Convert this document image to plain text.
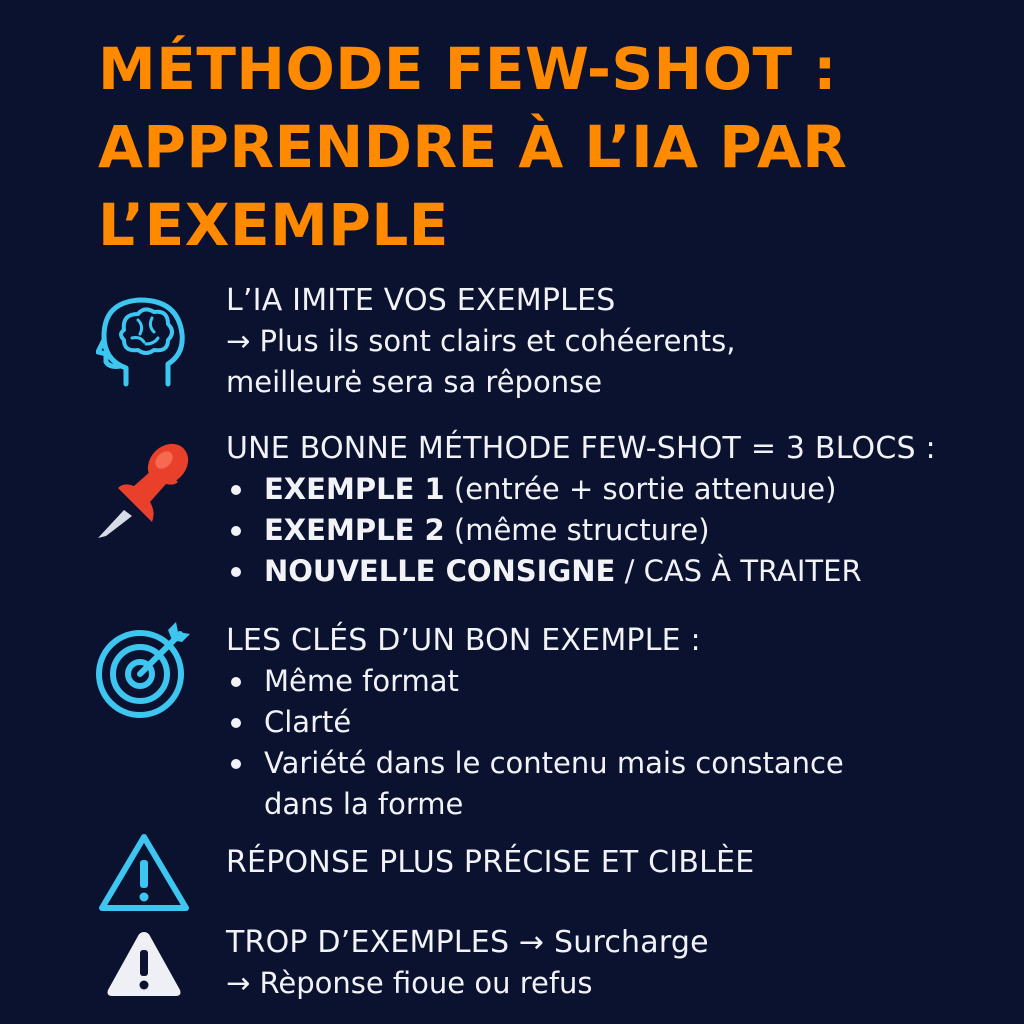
MÉTHODE FEW-SHOT :
APPRENDRE À L’IA PAR
L’EXEMPLE
L’IA IMITE VOS EXEMPLES
→ Plus ils sont clairs et cohéerents,
meilleurė sera sa rêponse
UNE BONNE MÉTHODE FEW-SHOT = 3 BLOCS :
EXEMPLE 1 (entrée + sortie attenuue)
EXEMPLE 2 (même structure)
NOUVELLE CONSIGNE / CAS À TRAITER
LES CLÉS D’UN BON EXEMPLE :
Même format
Clarté
Variété dans le contenu mais constance
dans la forme
RÉPONSE PLUS PRÉCISE ET CIBLÈE
TROP D’EXEMPLES → Surcharge
→ Rèponse fioue ou refus
